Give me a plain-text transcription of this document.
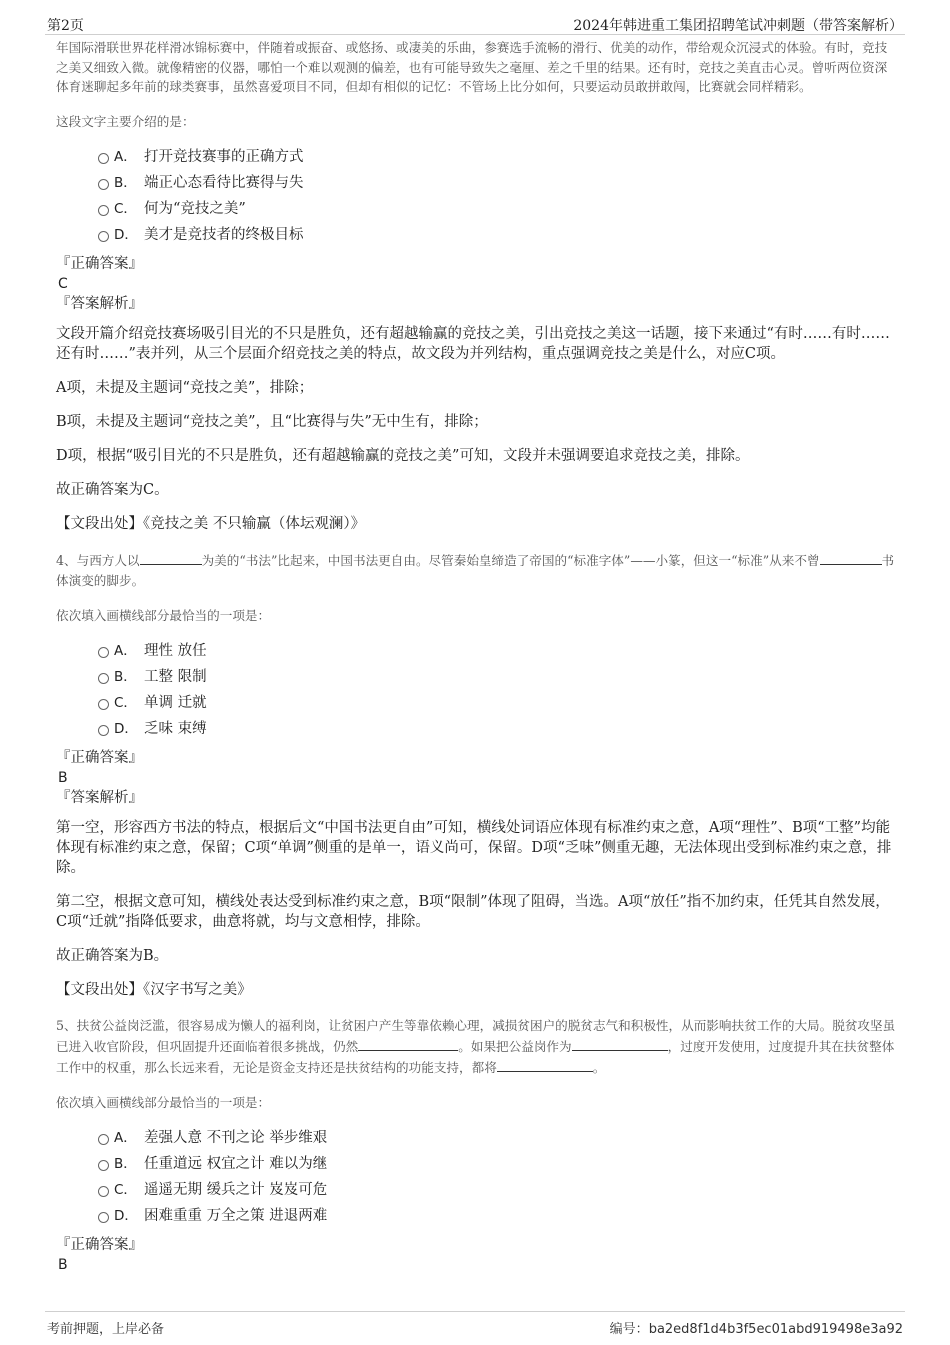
第2页	2024年韩进重工集团招聘笔试冲刺题（带答案解析）

年国际滑联世界花样滑冰锦标赛中，伴随着或振奋、或悠扬、或凄美的乐曲，参赛选手流畅的滑行、优美的动作，带给观众沉浸式的体验。有时，竞技之美又细致入微。就像精密的仪器，哪怕一个难以观测的偏差，也有可能导致失之毫厘、差之千里的结果。还有时，竞技之美直击心灵。曾听两位资深体育迷聊起多年前的球类赛事，虽然喜爱项目不同，但却有相似的记忆：不管场上比分如何，只要运动员敢拼敢闯，比赛就会同样精彩。

这段文字主要介绍的是：

A． 打开竞技赛事的正确方式
B． 端正心态看待比赛得与失
C． 何为“竞技之美”
D． 美才是竞技者的终极目标

『正确答案』

C

『答案解析』

文段开篇介绍竞技赛场吸引目光的不只是胜负，还有超越输赢的竞技之美，引出竞技之美这一话题，接下来通过“有时……有时……还有时……”表并列，从三个层面介绍竞技之美的特点，故文段为并列结构，重点强调竞技之美是什么，对应C项。

A项，未提及主题词“竞技之美”，排除；

B项，未提及主题词“竞技之美”，且“比赛得与失”无中生有，排除；

D项，根据“吸引目光的不只是胜负，还有超越输赢的竞技之美”可知，文段并未强调要追求竞技之美，排除。

故正确答案为C。

【文段出处】《竞技之美 不只输赢（体坛观澜）》

4、与西方人以	为美的“书法”比起来，中国书法更自由。尽管秦始皇缔造了帝国的“标准字体”——小篆，但这一“标准”从来不曾	书体演变的脚步。

依次填入画横线部分最恰当的一项是：

A． 理性 放任
B． 工整 限制
C． 单调 迁就
D． 乏味 束缚

『正确答案』

B

『答案解析』

第一空，形容西方书法的特点，根据后文“中国书法更自由”可知，横线处词语应体现有标准约束之意，A项“理性”、B项“工整”均能体现有标准约束之意，保留；C项“单调”侧重的是单一，语义尚可，保留。D项“乏味”侧重无趣，无法体现出受到标准约束之意，排除。

第二空，根据文意可知，横线处表达受到标准约束之意，B项“限制”体现了阻碍，当选。A项“放任”指不加约束，任凭其自然发展，C项“迁就”指降低要求，曲意将就，均与文意相悖，排除。

故正确答案为B。

【文段出处】《汉字书写之美》

5、扶贫公益岗泛滥，很容易成为懒人的福利岗，让贫困户产生等靠依赖心理，减损贫困户的脱贫志气和积极性，从而影响扶贫工作的大局。脱贫攻坚虽已进入收官阶段，但巩固提升还面临着很多挑战，仍然	。如果把公益岗作为	，过度开发使用，过度提升其在扶贫整体工作中的权重，那么长远来看，无论是资金支持还是扶贫结构的功能支持，都将	。

依次填入画横线部分最恰当的一项是：

A． 差强人意 不刊之论 举步维艰
B． 任重道远 权宜之计 难以为继
C． 遥遥无期 缓兵之计 岌岌可危
D． 困难重重 万全之策 进退两难

『正确答案』

B

考前押题，上岸必备	编号：ba2ed8f1d4b3f5ec01abd919498e3a92
